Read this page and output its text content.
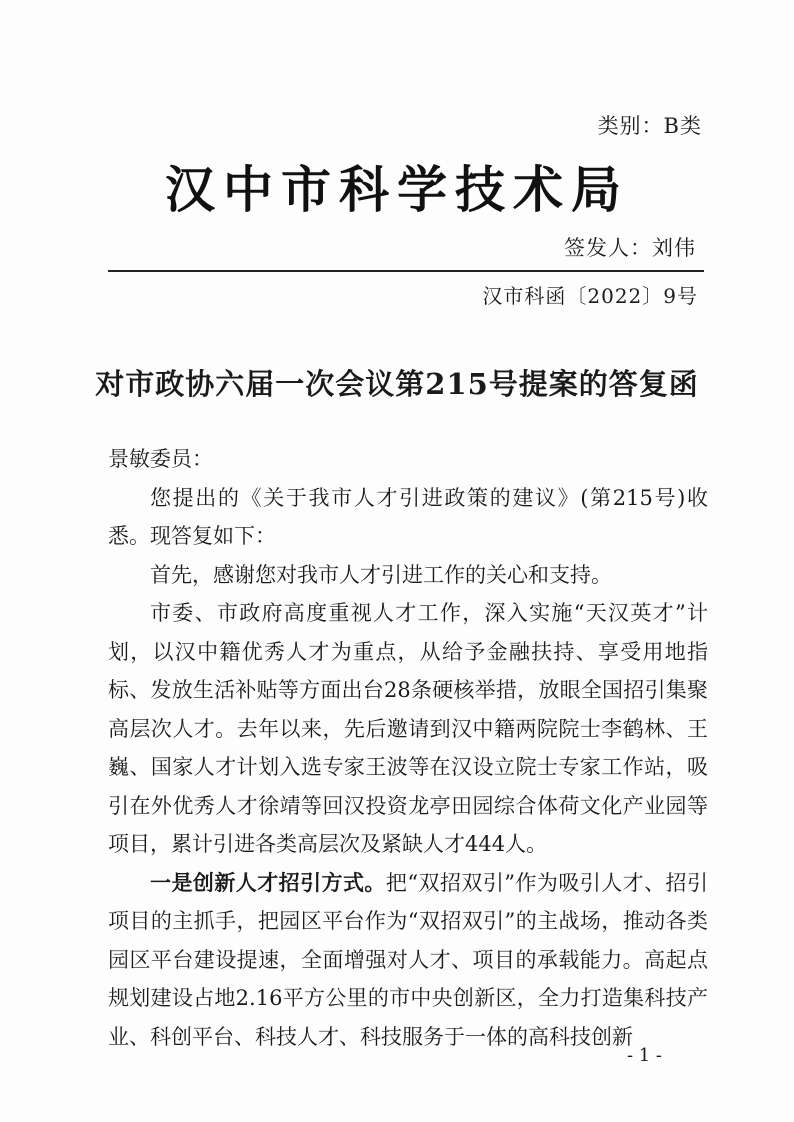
类别：B类
汉中市科学技术局
签发人：刘伟
汉市科函〔2022〕9号
对市政协六届一次会议第215号提案的答复函

景敏委员：

您提出的《关于我市人才引进政策的建议》(第215号)收悉。现答复如下：

首先，感谢您对我市人才引进工作的关心和支持。

市委、市政府高度重视人才工作，深入实施“天汉英才”计划，以汉中籍优秀人才为重点，从给予金融扶持、享受用地指标、发放生活补贴等方面出台28条硬核举措，放眼全国招引集聚高层次人才。去年以来，先后邀请到汉中籍两院院士李鹤林、王巍、国家人才计划入选专家王波等在汉设立院士专家工作站，吸引在外优秀人才徐靖等回汉投资龙亭田园综合体荷文化产业园等项目，累计引进各类高层次及紧缺人才444人。

一是创新人才招引方式。把“双招双引”作为吸引人才、招引项目的主抓手，把园区平台作为“双招双引”的主战场，推动各类园区平台建设提速，全面增强对人才、项目的承载能力。高起点规划建设占地2.16平方公里的市中央创新区，全力打造集科技产业、科创平台、科技人才、科技服务于一体的高科技创新

- 1 -
